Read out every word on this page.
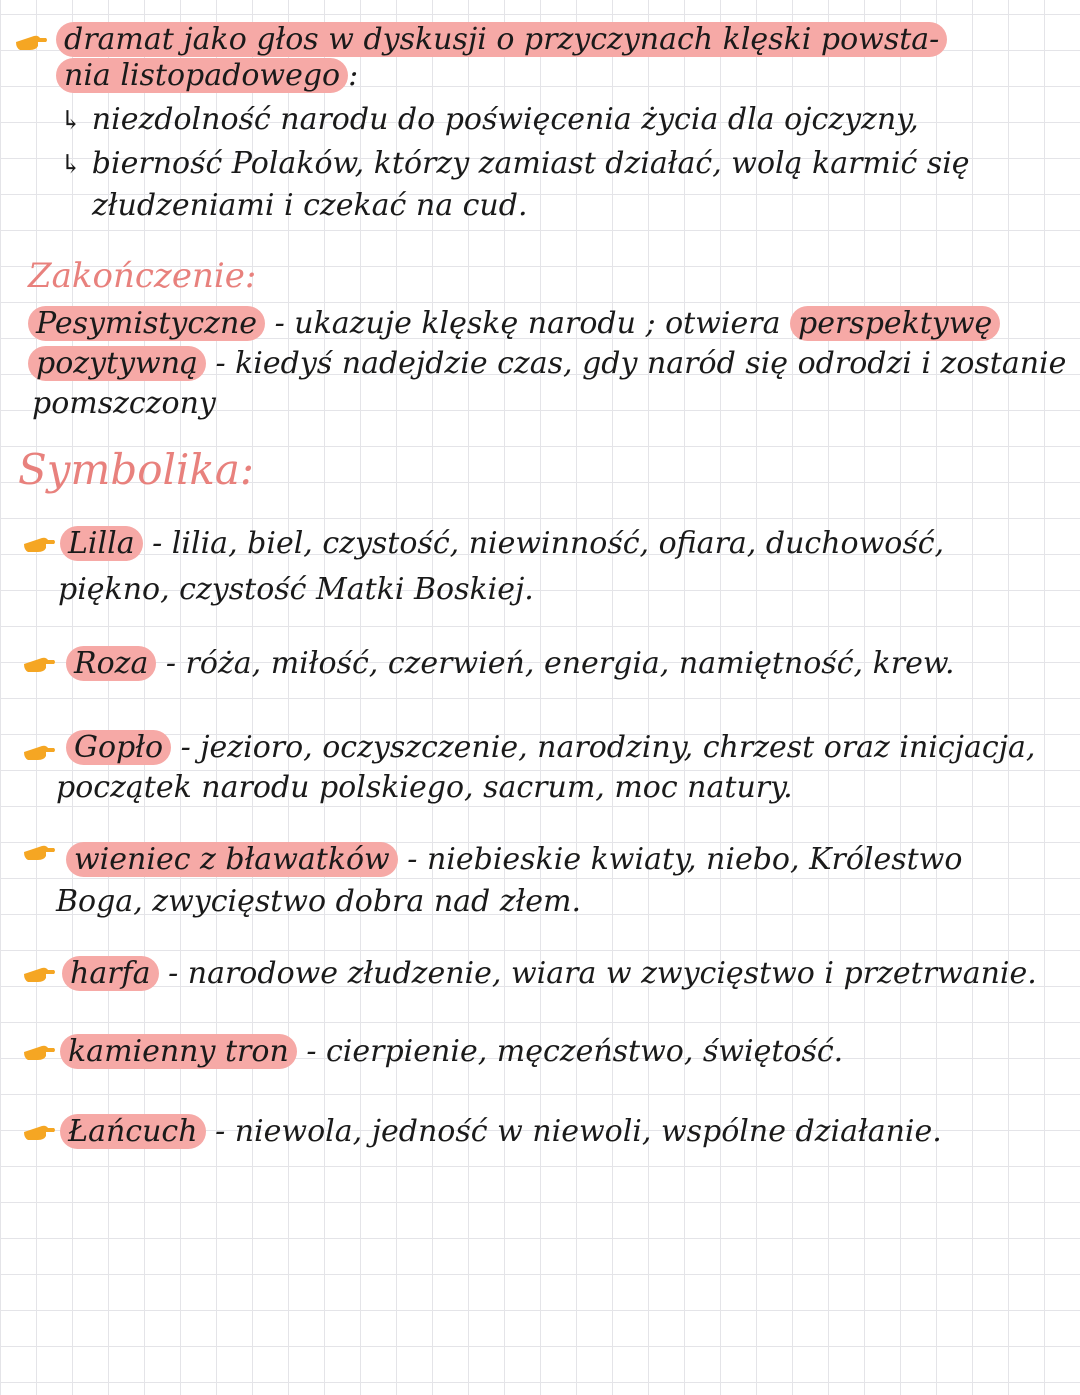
dramat jako głos w dyskusji o przyczynach klęski powsta-
nia listopadowego :
↳ niezdolność narodu do poświęcenia życia dla ojczyzny,
↳ bierność Polaków, którzy zamiast działać, wolą karmić się
złudzeniami i czekać na cud.
Zakończenie:
Pesymistyczne - ukazuje klęskę narodu ; otwiera perspektywę
pozytywną - kiedyś nadejdzie czas, gdy naród się odrodzi i zostanie
pomszczony
Symbolika:
Lilla - lilia, biel, czystość, niewinność, ofiara, duchowość,
piękno, czystość Matki Boskiej.
Roza - róża, miłość, czerwień, energia, namiętność, krew.
Gopło - jezioro, oczyszczenie, narodziny, chrzest oraz inicjacja,
początek narodu polskiego, sacrum, moc natury.
wieniec z bławatków - niebieskie kwiaty, niebo, Królestwo
Boga, zwycięstwo dobra nad złem.
harfa - narodowe złudzenie, wiara w zwycięstwo i przetrwanie.
kamienny tron - cierpienie, męczeństwo, świętość.
Łańcuch - niewola, jedność w niewoli, wspólne działanie.
